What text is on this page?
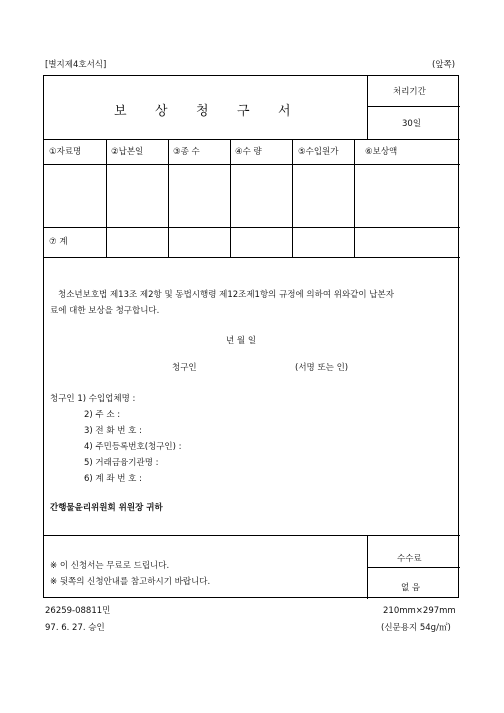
[별지제4호서식]	(앞쪽)
보 상 청 구 서
처리기간
30일
①자료명	②납본일	③종 수	④수 량	⑤수입원가	⑥보상액
⑦ 계
청소년보호법 제13조 제2항 및 동법시행령 제12조제1항의 규정에 의하여 위와같이 납본자
료에 대한 보상을 청구합니다.
년 월 일
청구인	(서명 또는 인)
청구인 1) 수입업체명 :
2) 주 소 :
3) 전 화 번 호 :
4) 주민등록번호(청구인) :
5) 거래금융기관명 :
6) 계 좌 번 호 :
간행물윤리위원회 위원장 귀하
※ 이 신청서는 무료로 드립니다.
※ 뒷쪽의 신청안내를 참고하시기 바랍니다.
수수료
없 음
26259-08811민
97. 6. 27. 승인
210mm×297mm
(신문용지 54g/㎡)
